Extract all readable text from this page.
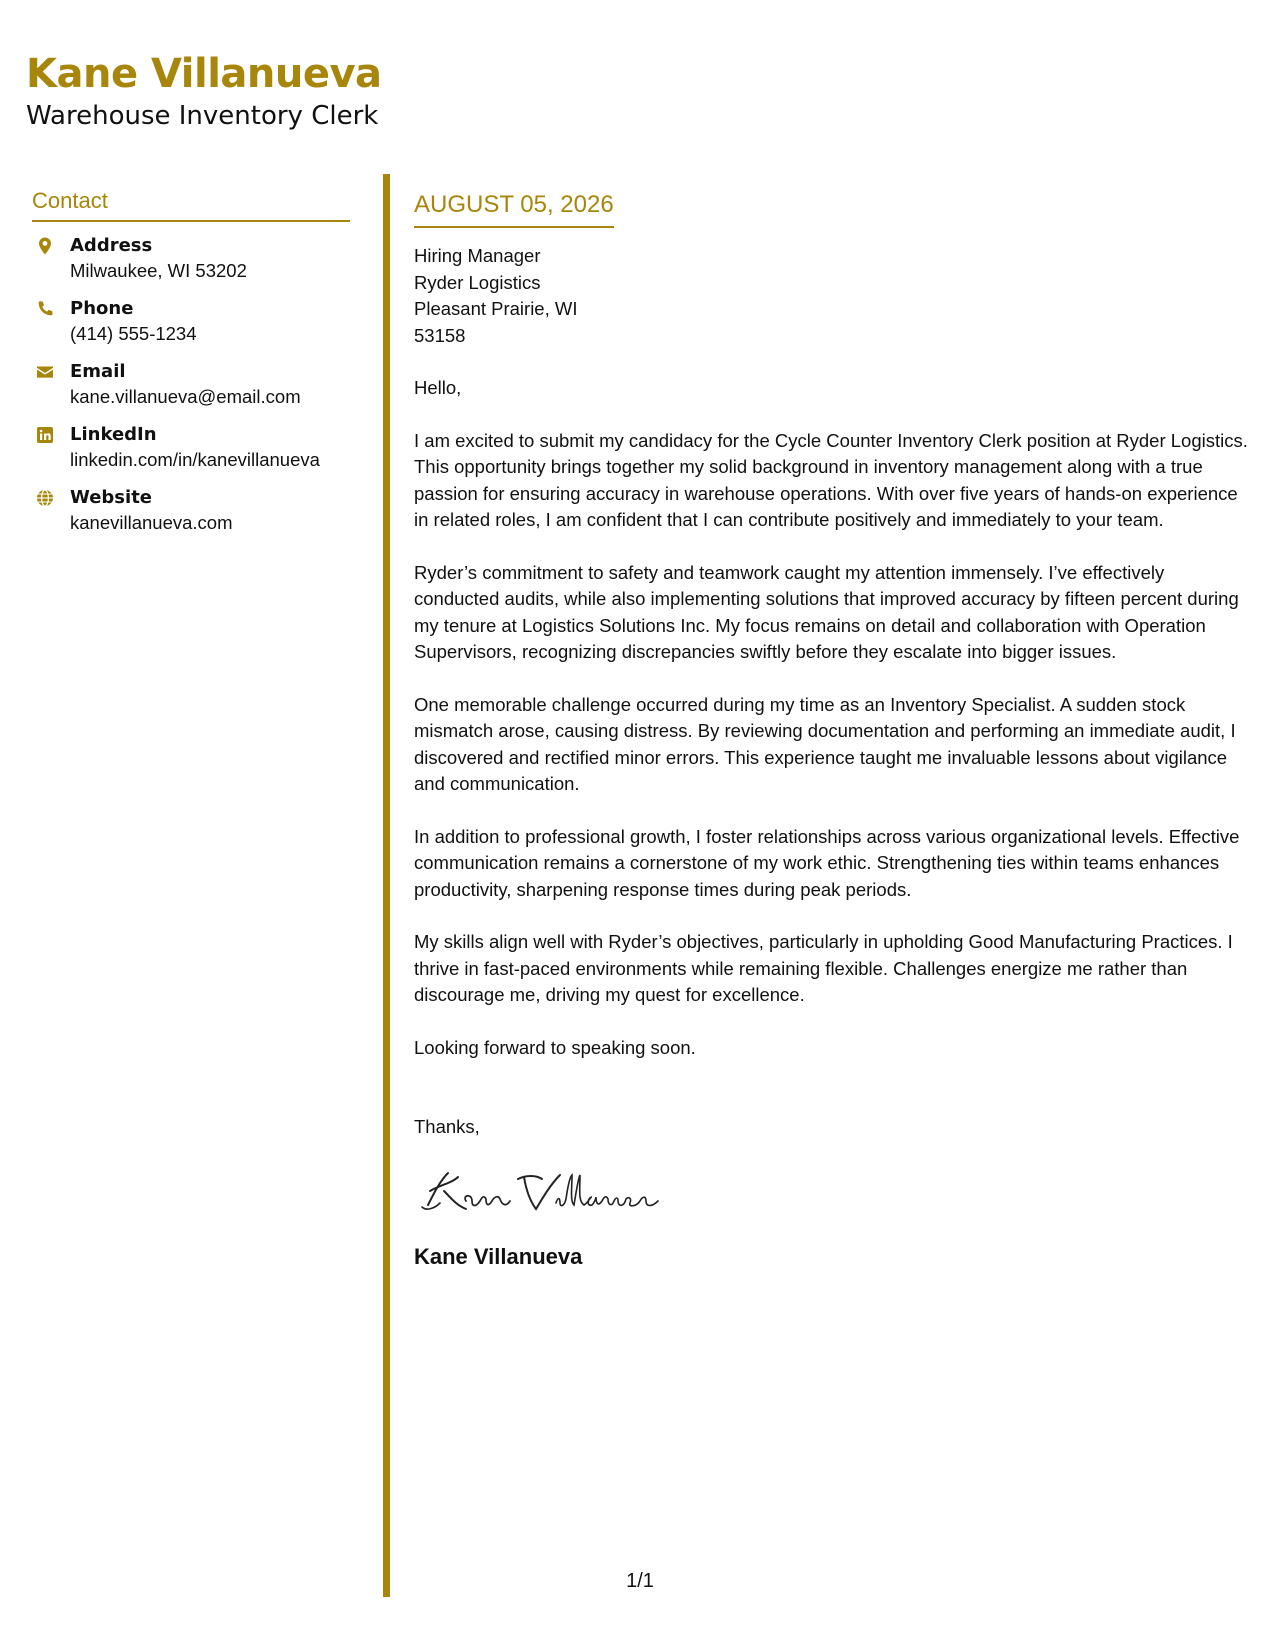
Kane Villanueva
Warehouse Inventory Clerk
Contact
Address
Milwaukee, WI 53202
Phone
(414) 555-1234
Email
kane.villanueva@email.com
LinkedIn
linkedin.com/in/kanevillanueva
Website
kanevillanueva.com
AUGUST 05, 2026
Hiring Manager
Ryder Logistics
Pleasant Prairie, WI
53158
Hello,
I am excited to submit my candidacy for the Cycle Counter Inventory Clerk position at Ryder Logistics. This opportunity brings together my solid background in inventory management along with a true passion for ensuring accuracy in warehouse operations. With over five years of hands-on experience in related roles, I am confident that I can contribute positively and immediately to your team.
Ryder’s commitment to safety and teamwork caught my attention immensely. I’ve effectively conducted audits, while also implementing solutions that improved accuracy by fifteen percent during my tenure at Logistics Solutions Inc. My focus remains on detail and collaboration with Operation Supervisors, recognizing discrepancies swiftly before they escalate into bigger issues.
One memorable challenge occurred during my time as an Inventory Specialist. A sudden stock mismatch arose, causing distress. By reviewing documentation and performing an immediate audit, I discovered and rectified minor errors. This experience taught me invaluable lessons about vigilance and communication.
In addition to professional growth, I foster relationships across various organizational levels. Effective communication remains a cornerstone of my work ethic. Strengthening ties within teams enhances productivity, sharpening response times during peak periods.
My skills align well with Ryder’s objectives, particularly in upholding Good Manufacturing Practices. I thrive in fast-paced environments while remaining flexible. Challenges energize me rather than discourage me, driving my quest for excellence.
Looking forward to speaking soon.
Thanks,
Kane Villanueva
1/1
